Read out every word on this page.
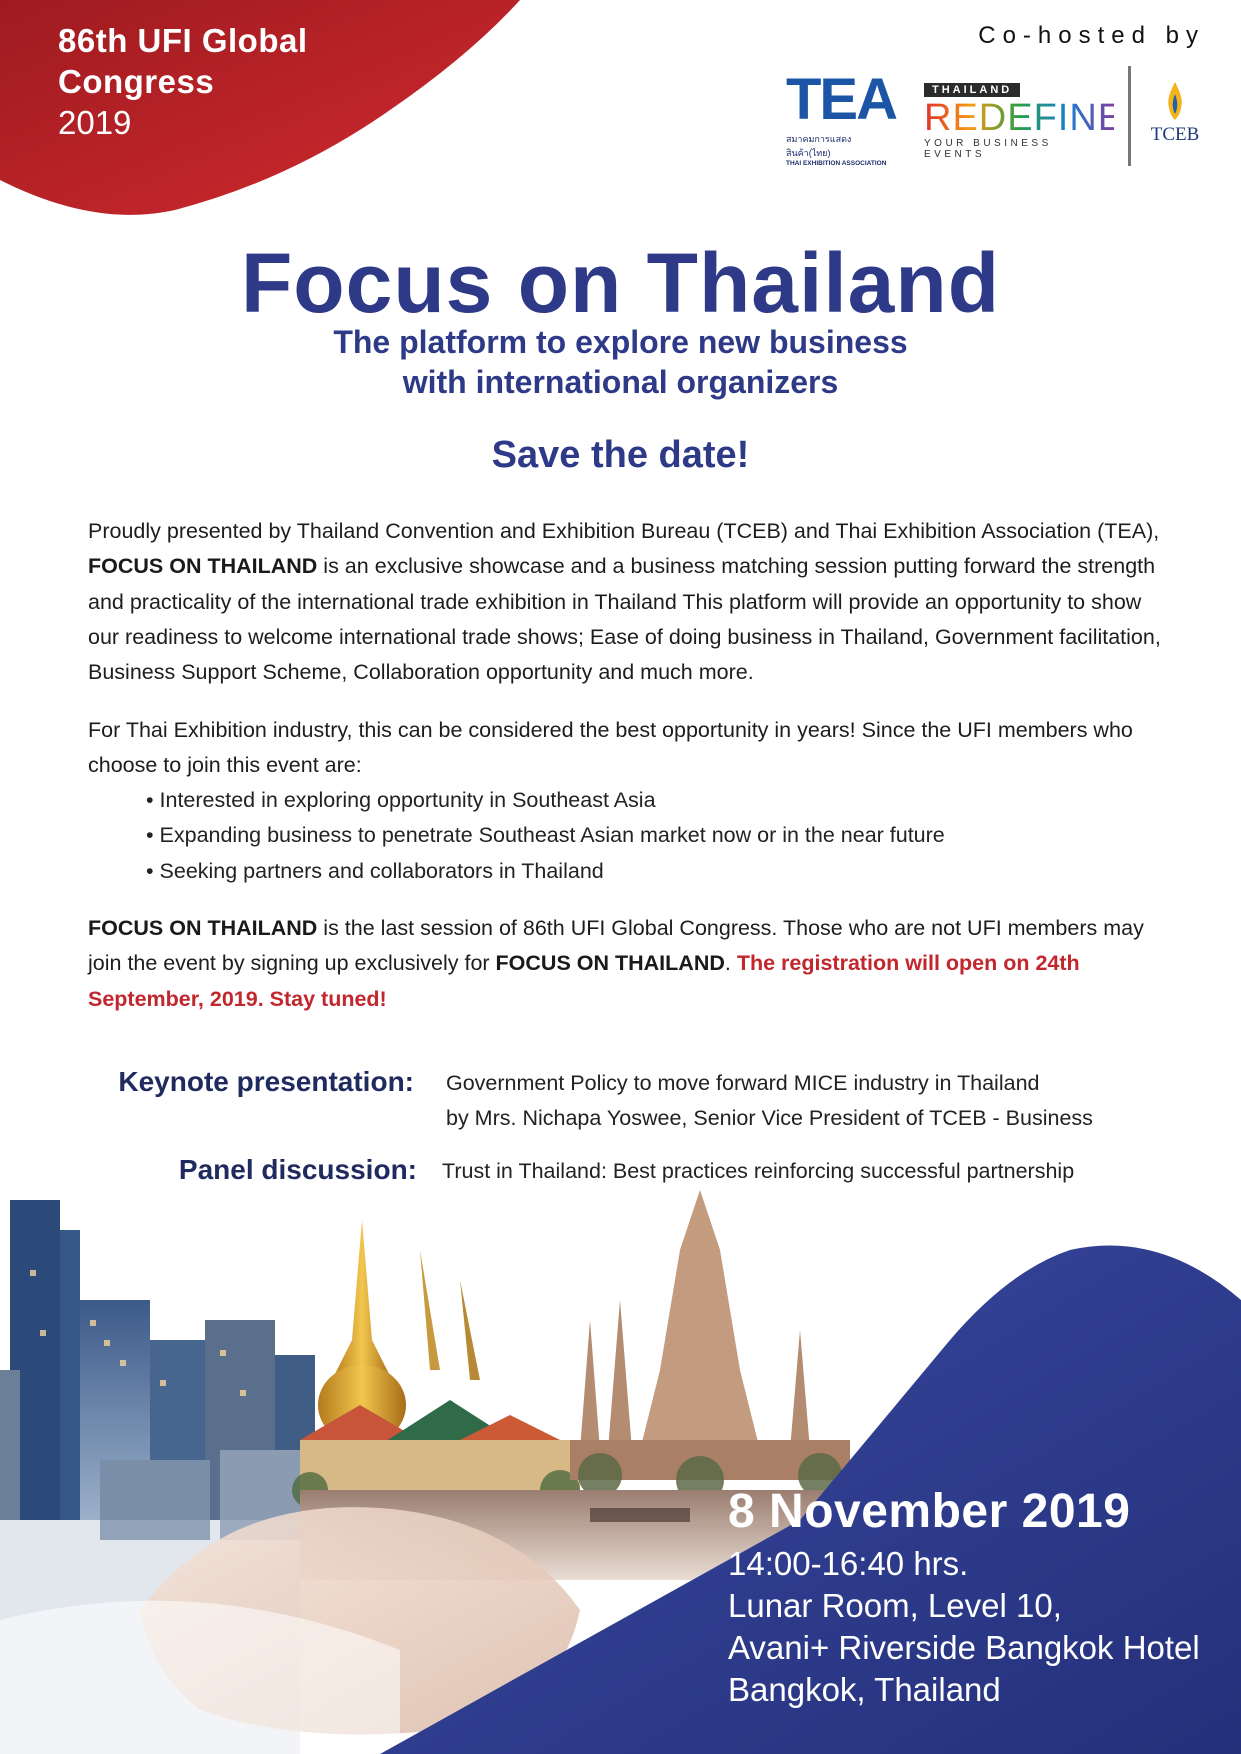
86th UFI Global
Congress
2019
Co-hosted by
TEA
สมาคมการแสดงสินค้า(ไทย)
THAI EXHIBITION ASSOCIATION
THAILAND
REDEFINE
YOUR BUSINESS EVENTS
TCEB
Focus on Thailand
The platform to explore new business
with international organizers
Save the date!
Proudly presented by Thailand Convention and Exhibition Bureau (TCEB) and Thai Exhibition Association (TEA), FOCUS ON THAILAND is an exclusive showcase and a business matching session putting forward the strength and practicality of the international trade exhibition in Thailand This platform will provide an opportunity to show our readiness to welcome international trade shows; Ease of doing business in Thailand, Government facilitation, Business Support Scheme, Collaboration opportunity and much more.
For Thai Exhibition industry, this can be considered the best opportunity in years! Since the UFI members who choose to join this event are:
• Interested in exploring opportunity in Southeast Asia
• Expanding business to penetrate Southeast Asian market now or in the near future
• Seeking partners and collaborators in Thailand
FOCUS ON THAILAND is the last session of 86th UFI Global Congress. Those who are not UFI members may join the event by signing up exclusively for FOCUS ON THAILAND. The registration will open on 24th September, 2019. Stay tuned!
Keynote presentation: Government Policy to move forward MICE industry in Thailand
by Mrs. Nichapa Yoswee, Senior Vice President of TCEB - Business
Panel discussion: Trust in Thailand: Best practices reinforcing successful partnership
8 November 2019
14:00-16:40 hrs.
Lunar Room, Level 10,
Avani+ Riverside Bangkok Hotel
Bangkok, Thailand
